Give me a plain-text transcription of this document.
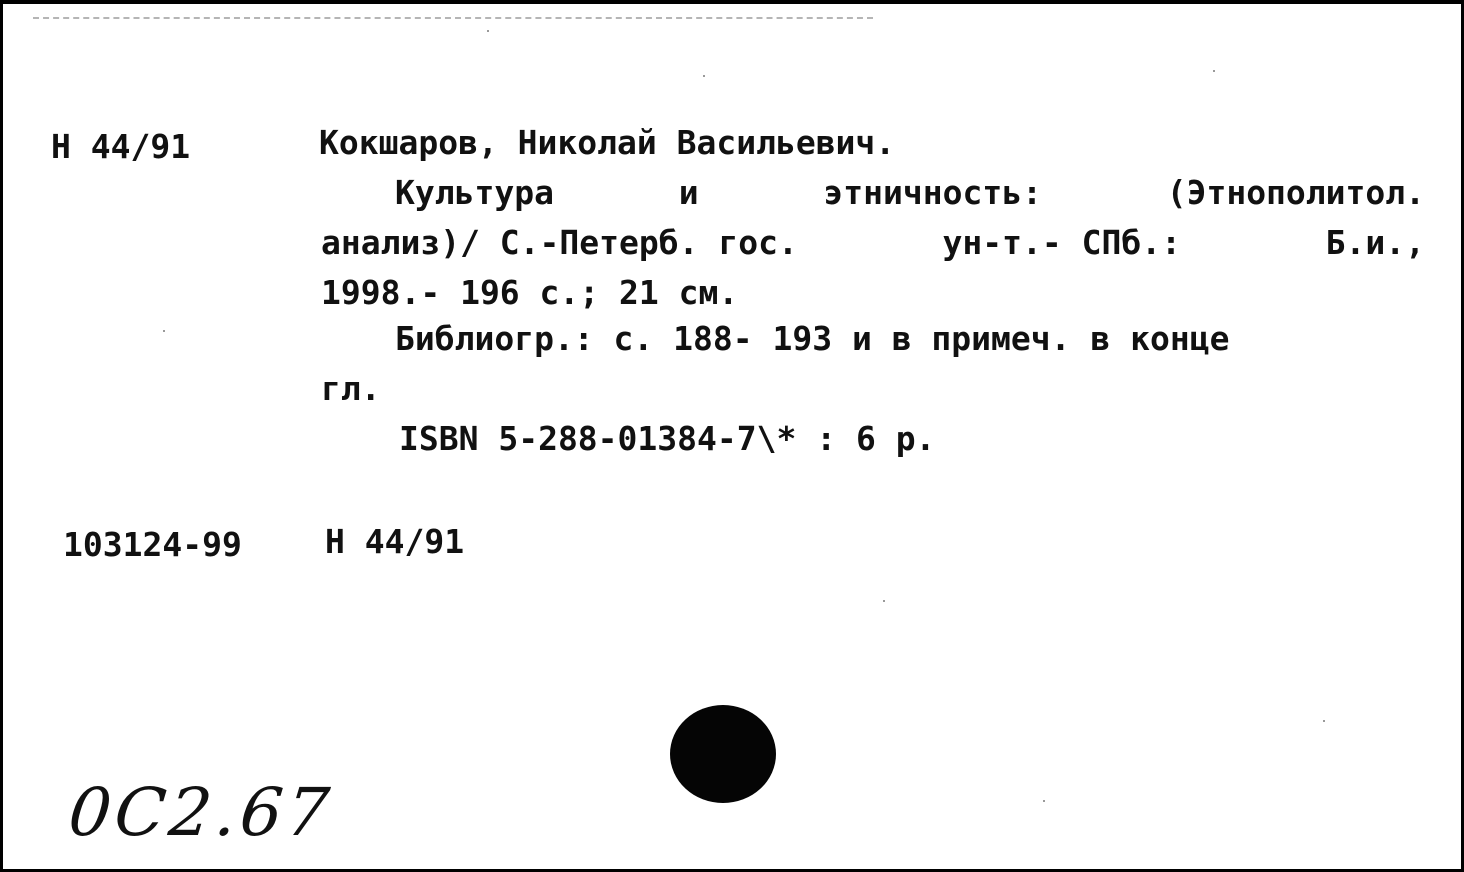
Н 44/91	Кокшаров, Николай Васильевич.
Культура	и	этничность:	(Этнополитол.
анализ)/ С.-Петерб. гос.	ун-т.- СПб.:	Б.и.,
1998.- 196 с.; 21 см.
Библиогр.: с. 188- 193 и в примеч. в конце
гл.
ISBN 5-288-01384-7\* : 6 р.
103124-99	Н 44/91
0С2.67
